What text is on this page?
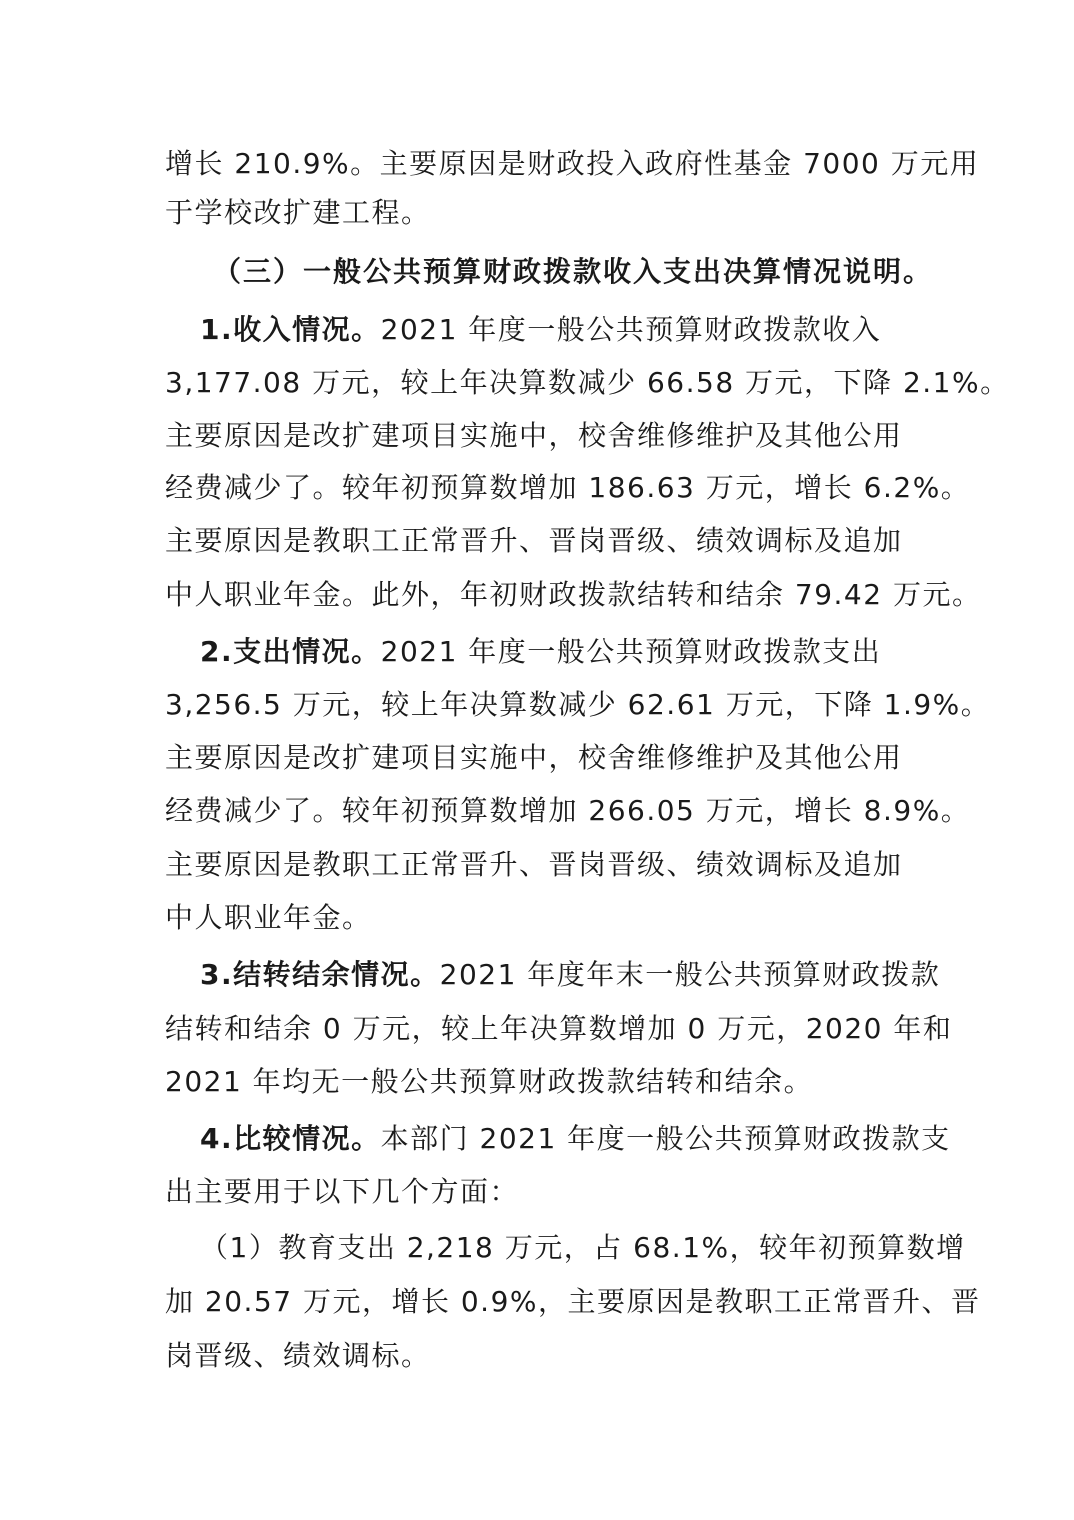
增长 210.9%。主要原因是财政投入政府性基金 7000 万元用
于学校改扩建工程。
（三）一般公共预算财政拨款收入支出决算情况说明。
1.收入情况。2021 年度一般公共预算财政拨款收入
3,177.08 万元，较上年决算数减少 66.58 万元，下降 2.1%。
主要原因是改扩建项目实施中，校舍维修维护及其他公用
经费减少了。较年初预算数增加 186.63 万元，增长 6.2%。
主要原因是教职工正常晋升、晋岗晋级、绩效调标及追加
中人职业年金。此外，年初财政拨款结转和结余 79.42 万元。
2.支出情况。2021 年度一般公共预算财政拨款支出
3,256.5 万元，较上年决算数减少 62.61 万元，下降 1.9%。
主要原因是改扩建项目实施中，校舍维修维护及其他公用
经费减少了。较年初预算数增加 266.05 万元，增长 8.9%。
主要原因是教职工正常晋升、晋岗晋级、绩效调标及追加
中人职业年金。
3.结转结余情况。2021 年度年末一般公共预算财政拨款
结转和结余 0 万元，较上年决算数增加 0 万元，2020 年和
2021 年均无一般公共预算财政拨款结转和结余。
4.比较情况。本部门 2021 年度一般公共预算财政拨款支
出主要用于以下几个方面：
（1）教育支出 2,218 万元，占 68.1%，较年初预算数增
加 20.57 万元，增长 0.9%，主要原因是教职工正常晋升、晋
岗晋级、绩效调标。
